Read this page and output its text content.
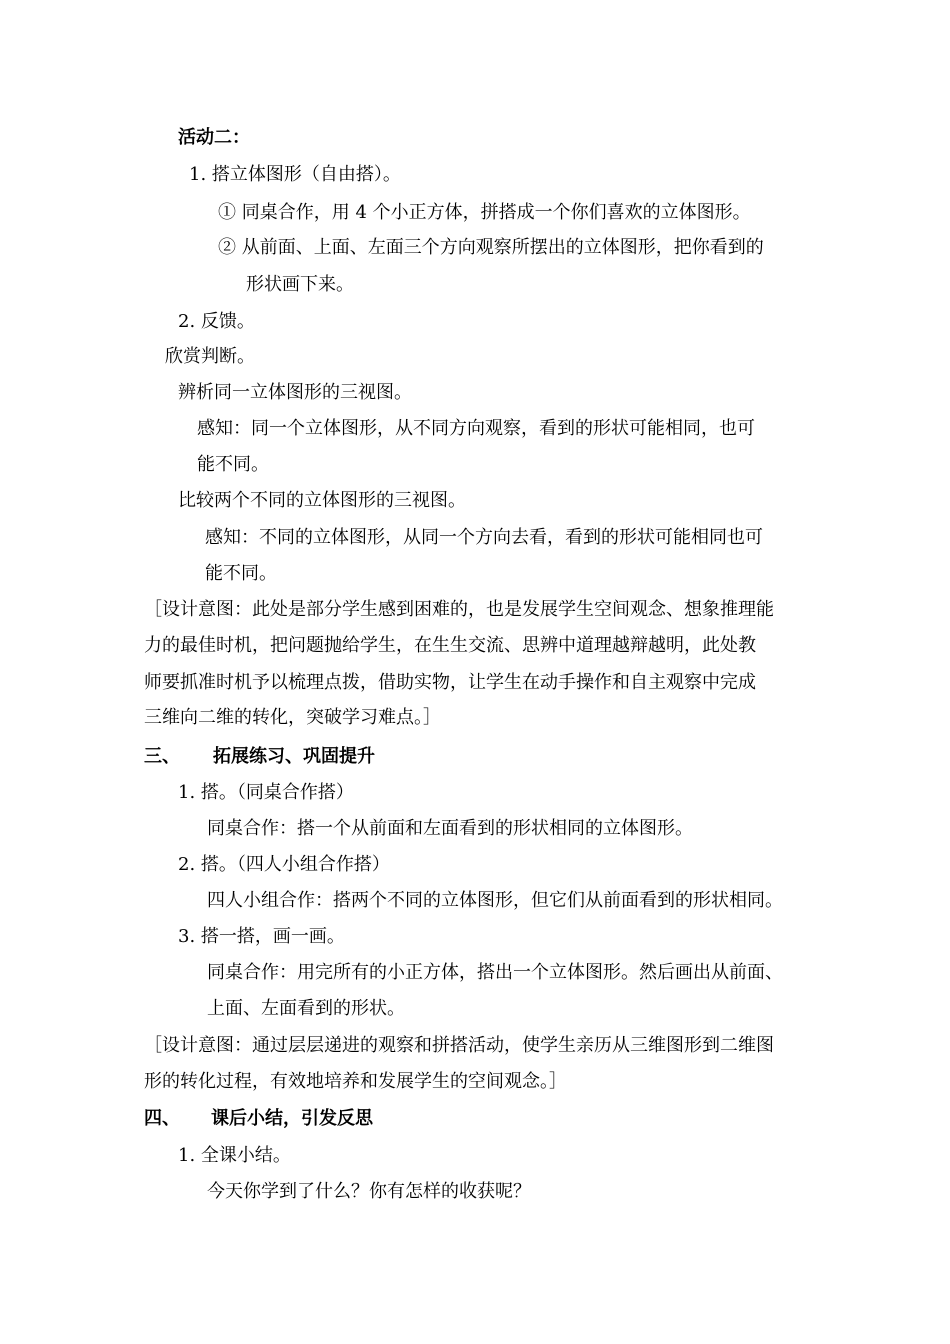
活动二：
1. 搭立体图形（自由搭）。
① 同桌合作，用 4 个小正方体，拼搭成一个你们喜欢的立体图形。
② 从前面、上面、左面三个方向观察所摆出的立体图形，把你看到的
形状画下来。
2. 反馈。
欣赏判断。
辨析同一立体图形的三视图。
感知：同一个立体图形，从不同方向观察，看到的形状可能相同，也可
能不同。
比较两个不同的立体图形的三视图。
感知：不同的立体图形，从同一个方向去看，看到的形状可能相同也可
能不同。
［设计意图：此处是部分学生感到困难的，也是发展学生空间观念、想象推理能
力的最佳时机，把问题抛给学生，在生生交流、思辨中道理越辩越明，此处教
师要抓准时机予以梳理点拨，借助实物，让学生在动手操作和自主观察中完成
三维向二维的转化，突破学习难点。］
三、 拓展练习、巩固提升
1. 搭。（同桌合作搭）
同桌合作：搭一个从前面和左面看到的形状相同的立体图形。
2. 搭。（四人小组合作搭）
四人小组合作：搭两个不同的立体图形，但它们从前面看到的形状相同。
3. 搭一搭，画一画。
同桌合作：用完所有的小正方体，搭出一个立体图形。然后画出从前面、
上面、左面看到的形状。
［设计意图：通过层层递进的观察和拼搭活动，使学生亲历从三维图形到二维图
形的转化过程，有效地培养和发展学生的空间观念。］
四、 课后小结，引发反思
1. 全课小结。
今天你学到了什么？你有怎样的收获呢？
